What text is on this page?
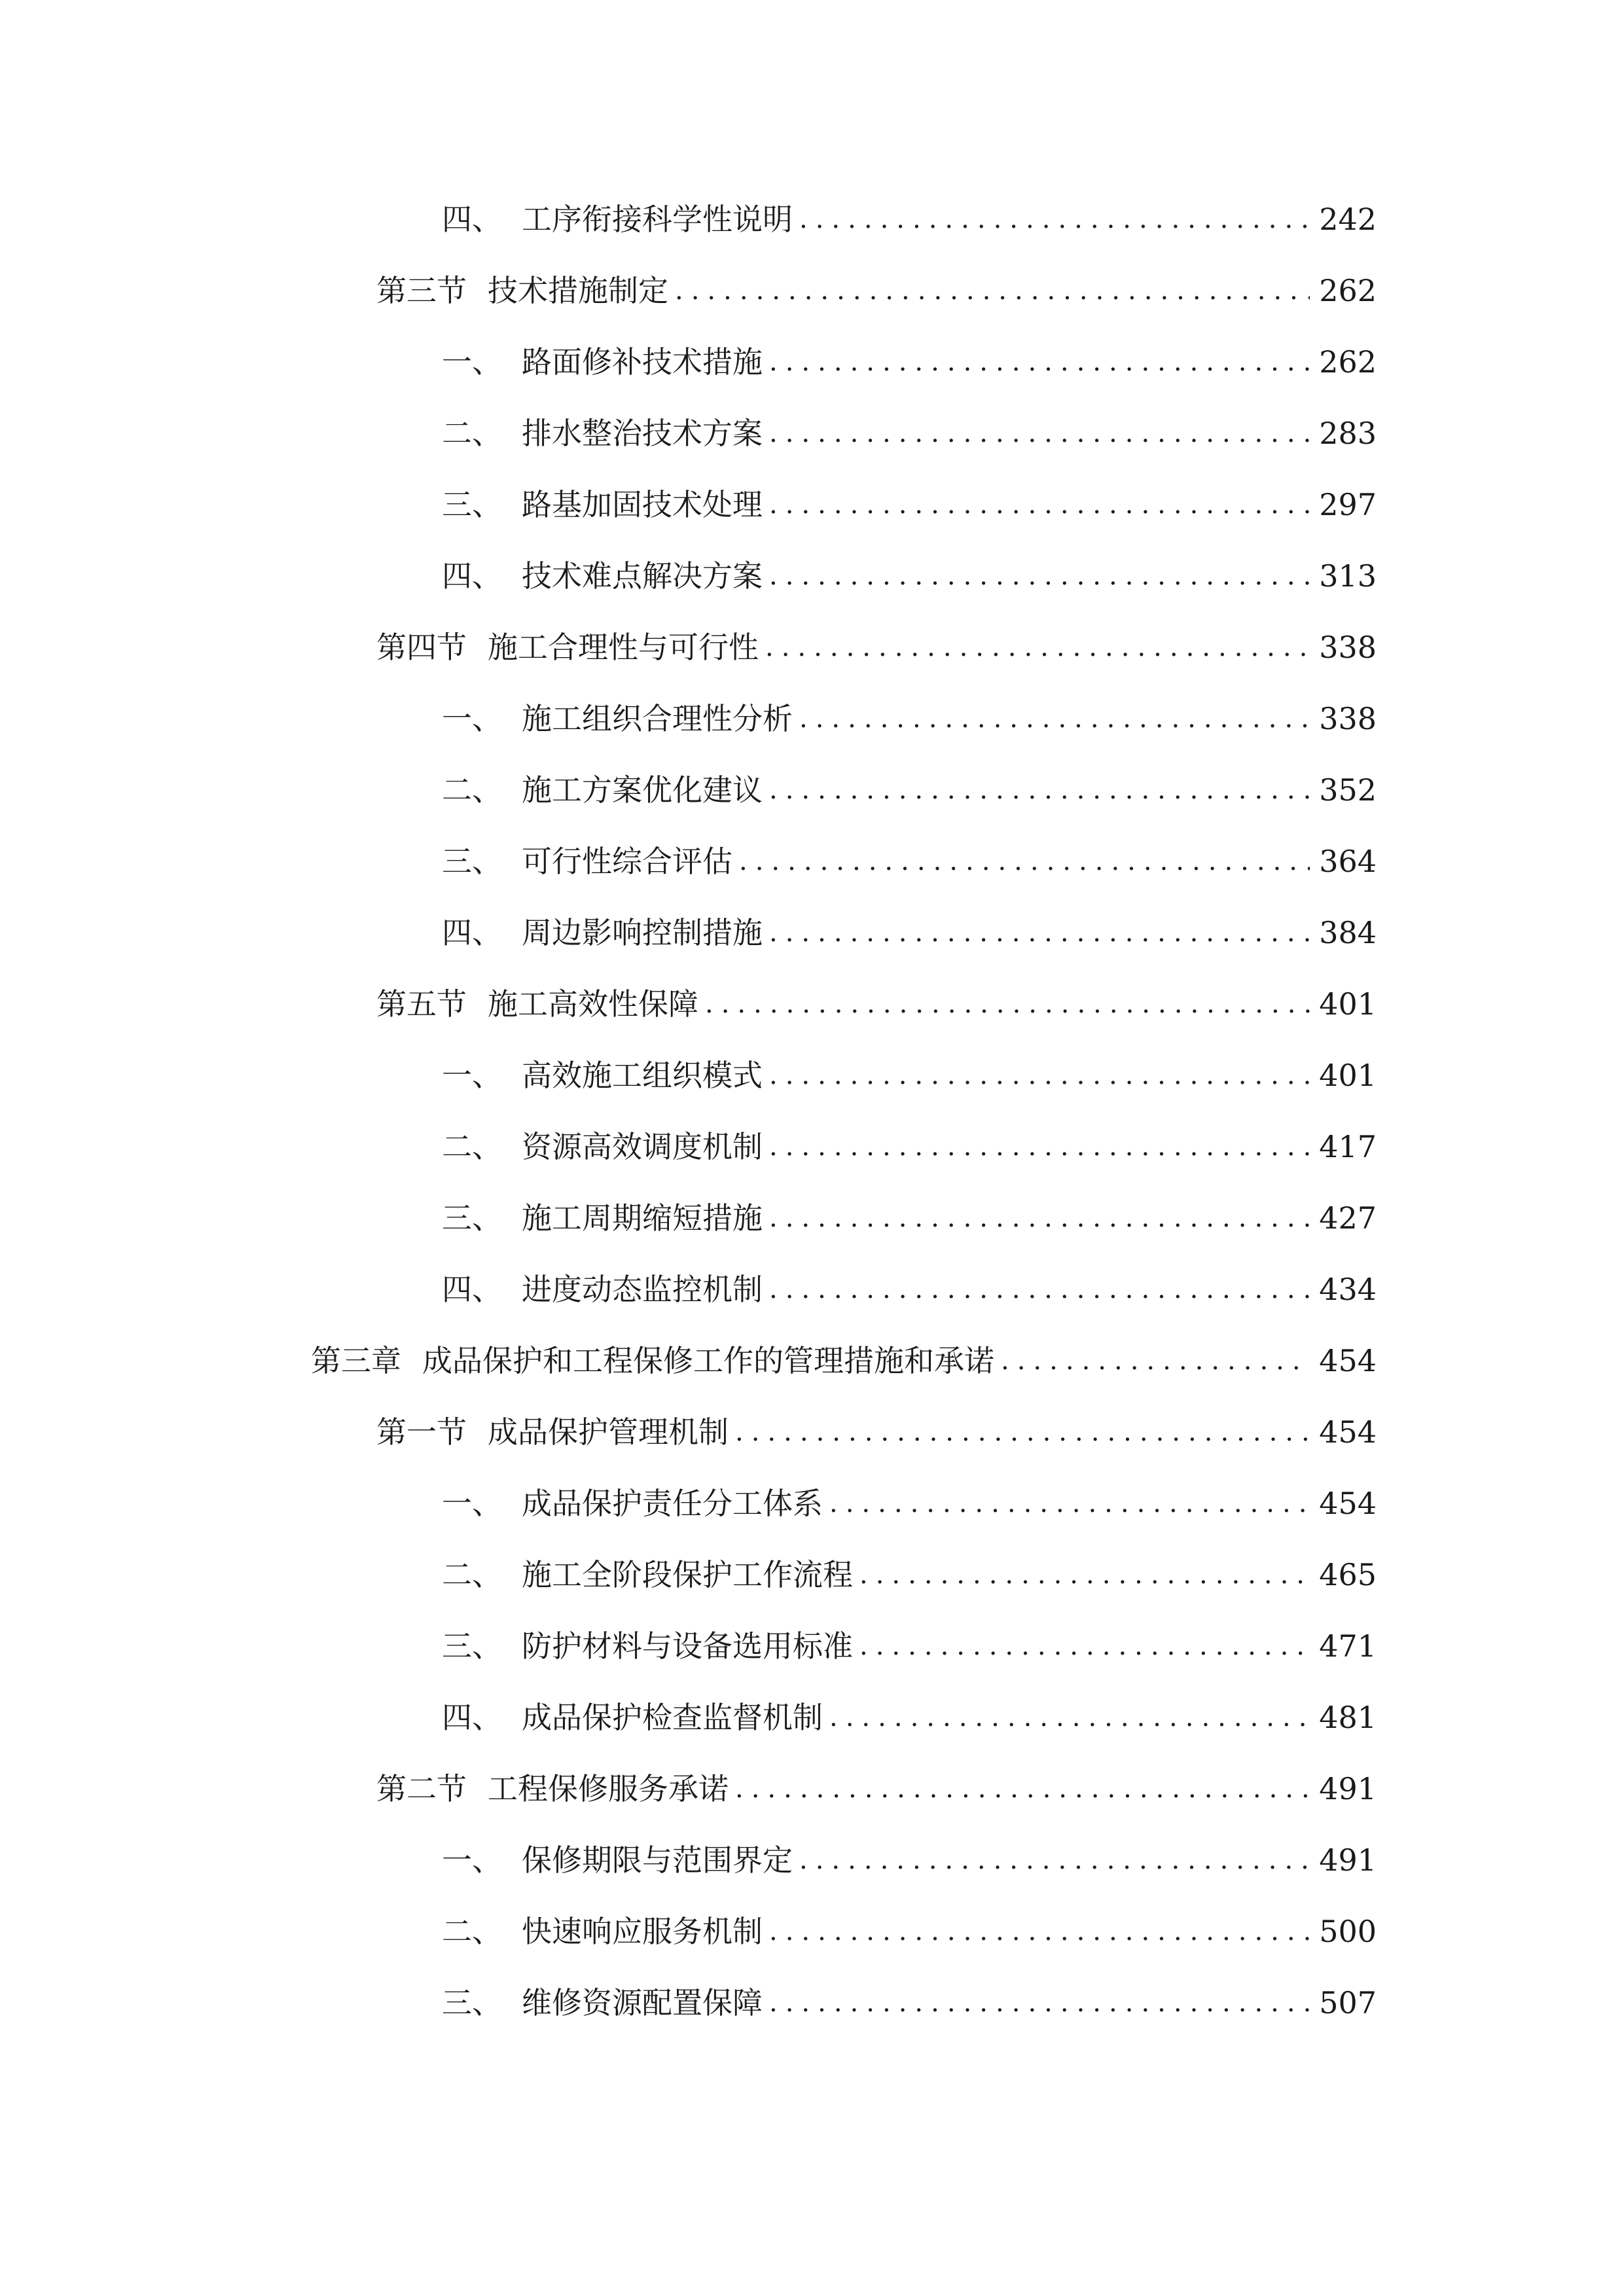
四、 工序衔接科学性说明 .....	242
第三节 技术措施制定 .....	262
一、 路面修补技术措施 .....	262
二、 排水整治技术方案 .....	283
三、 路基加固技术处理 .....	297
四、 技术难点解决方案 .....	313
第四节 施工合理性与可行性 .....	338
一、 施工组织合理性分析 .....	338
二、 施工方案优化建议 .....	352
三、 可行性综合评估 .....	364
四、 周边影响控制措施 .....	384
第五节 施工高效性保障 .....	401
一、 高效施工组织模式 .....	401
二、 资源高效调度机制 .....	417
三、 施工周期缩短措施 .....	427
四、 进度动态监控机制 .....	434
第三章 成品保护和工程保修工作的管理措施和承诺 .....	454
第一节 成品保护管理机制 .....	454
一、 成品保护责任分工体系 .....	454
二、 施工全阶段保护工作流程 .....	465
三、 防护材料与设备选用标准 .....	471
四、 成品保护检查监督机制 .....	481
第二节 工程保修服务承诺 .....	491
一、 保修期限与范围界定 .....	491
二、 快速响应服务机制 .....	500
三、 维修资源配置保障 .....	507
